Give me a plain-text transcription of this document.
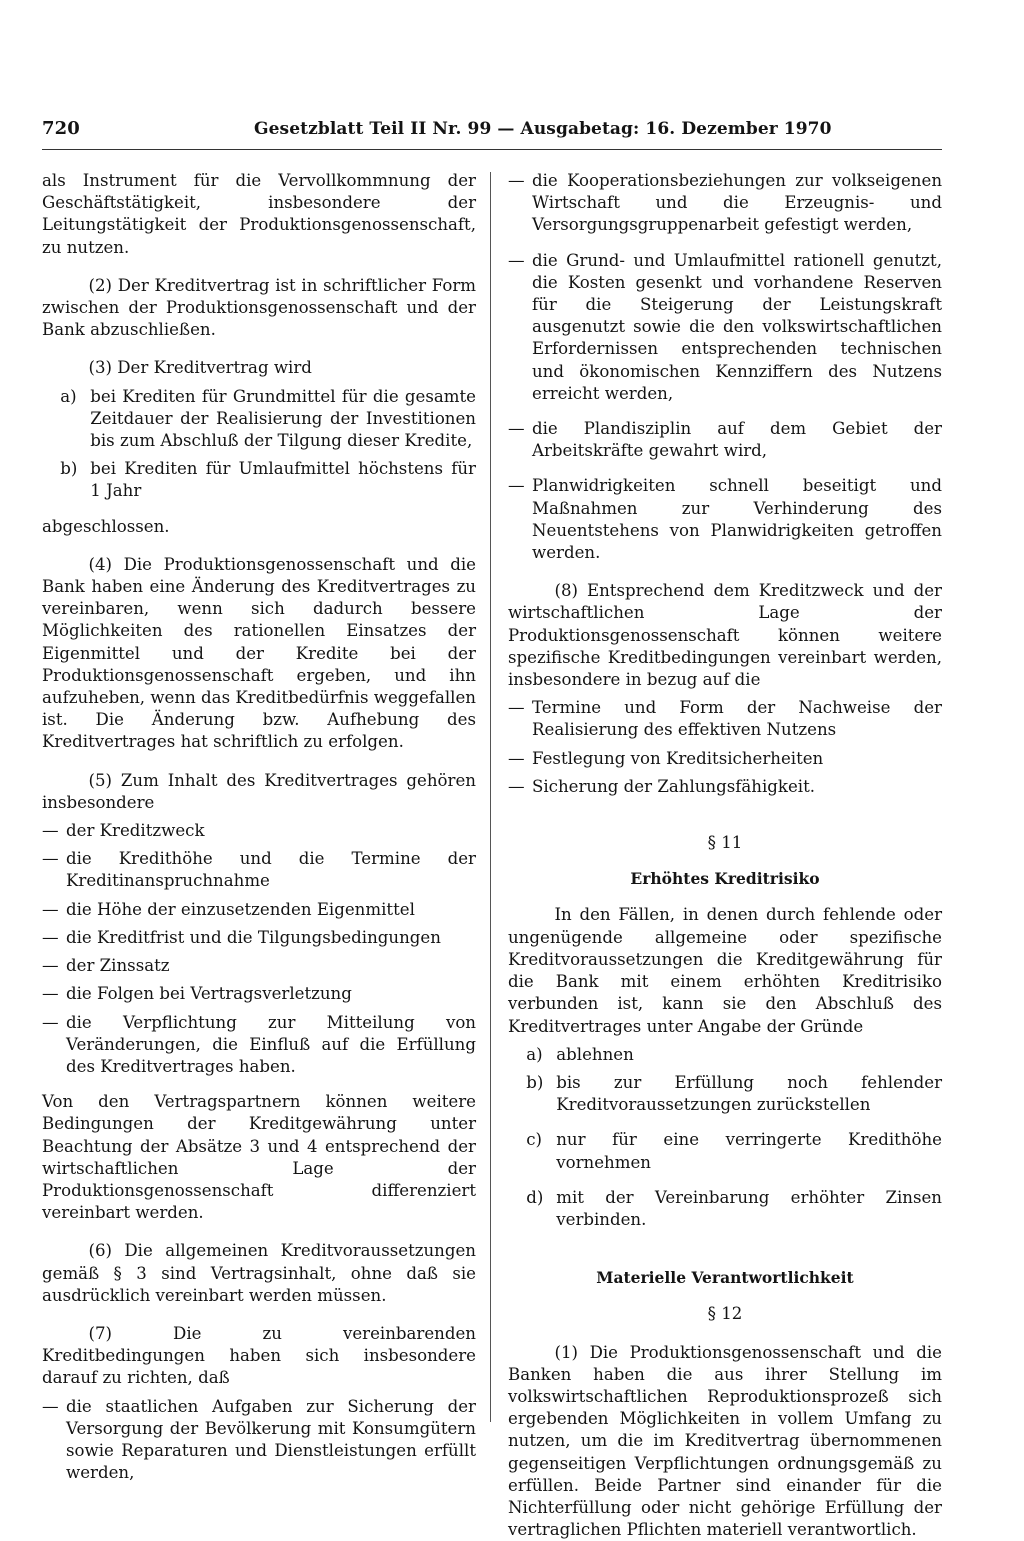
720	Gesetzblatt Teil II Nr. 99 — Ausgabetag: 16. Dezember 1970

als Instrument für die Vervollkommnung der Geschäftstätigkeit, insbesondere der Leitungstätigkeit der Produktionsgenossenschaft, zu nutzen.

(2) Der Kreditvertrag ist in schriftlicher Form zwischen der Produktionsgenossenschaft und der Bank abzuschließen.

(3) Der Kreditvertrag wird

a) bei Krediten für Grundmittel für die gesamte Zeitdauer der Realisierung der Investitionen bis zum Abschluß der Tilgung dieser Kredite,
b) bei Krediten für Umlaufmittel höchstens für 1 Jahr

abgeschlossen.

(4) Die Produktionsgenossenschaft und die Bank haben eine Änderung des Kreditvertrages zu vereinbaren, wenn sich dadurch bessere Möglichkeiten des rationellen Einsatzes der Eigenmittel und der Kredite bei der Produktionsgenossenschaft ergeben, und ihn aufzuheben, wenn das Kreditbedürfnis weggefallen ist. Die Änderung bzw. Aufhebung des Kreditvertrages hat schriftlich zu erfolgen.

(5) Zum Inhalt des Kreditvertrages gehören insbesondere

— der Kreditzweck
— die Kredithöhe und die Termine der Kreditinanspruchnahme
— die Höhe der einzusetzenden Eigenmittel
— die Kreditfrist und die Tilgungsbedingungen
— der Zinssatz
— die Folgen bei Vertragsverletzung
— die Verpflichtung zur Mitteilung von Veränderungen, die Einfluß auf die Erfüllung des Kreditvertrages haben.

Von den Vertragspartnern können weitere Bedingungen der Kreditgewährung unter Beachtung der Absätze 3 und 4 entsprechend der wirtschaftlichen Lage der Produktionsgenossenschaft differenziert vereinbart werden.

(6) Die allgemeinen Kreditvoraussetzungen gemäß § 3 sind Vertragsinhalt, ohne daß sie ausdrücklich vereinbart werden müssen.

(7) Die zu vereinbarenden Kreditbedingungen haben sich insbesondere darauf zu richten, daß

— die staatlichen Aufgaben zur Sicherung der Versorgung der Bevölkerung mit Konsumgütern sowie Reparaturen und Dienstleistungen erfüllt werden,
— die Kooperationsbeziehungen zur volkseigenen Wirtschaft und die Erzeugnis- und Versorgungsgruppenarbeit gefestigt werden,
— die Grund- und Umlaufmittel rationell genutzt, die Kosten gesenkt und vorhandene Reserven für die Steigerung der Leistungskraft ausgenutzt sowie die den volkswirtschaftlichen Erfordernissen entsprechenden technischen und ökonomischen Kennziffern des Nutzens erreicht werden,
— die Plandisziplin auf dem Gebiet der Arbeitskräfte gewahrt wird,
— Planwidrigkeiten schnell beseitigt und Maßnahmen zur Verhinderung des Neuentstehens von Planwidrigkeiten getroffen werden.

(8) Entsprechend dem Kreditzweck und der wirtschaftlichen Lage der Produktionsgenossenschaft können weitere spezifische Kreditbedingungen vereinbart werden, insbesondere in bezug auf die

— Termine und Form der Nachweise der Realisierung des effektiven Nutzens
— Festlegung von Kreditsicherheiten
— Sicherung der Zahlungsfähigkeit.

§ 11

Erhöhtes Kreditrisiko

In den Fällen, in denen durch fehlende oder ungenügende allgemeine oder spezifische Kreditvoraussetzungen die Kreditgewährung für die Bank mit einem erhöhten Kreditrisiko verbunden ist, kann sie den Abschluß des Kreditvertrages unter Angabe der Gründe

a) ablehnen
b) bis zur Erfüllung noch fehlender Kreditvoraussetzungen zurückstellen
c) nur für eine verringerte Kredithöhe vornehmen
d) mit der Vereinbarung erhöhter Zinsen verbinden.

Materielle Verantwortlichkeit

§ 12

(1) Die Produktionsgenossenschaft und die Banken haben die aus ihrer Stellung im volkswirtschaftlichen Reproduktionsprozeß sich ergebenden Möglichkeiten in vollem Umfang zu nutzen, um die im Kreditvertrag übernommenen gegenseitigen Verpflichtungen ordnungsgemäß zu erfüllen. Beide Partner sind einander für die Nichterfüllung oder nicht gehörige Erfüllung der vertraglichen Pflichten materiell verantwortlich.
